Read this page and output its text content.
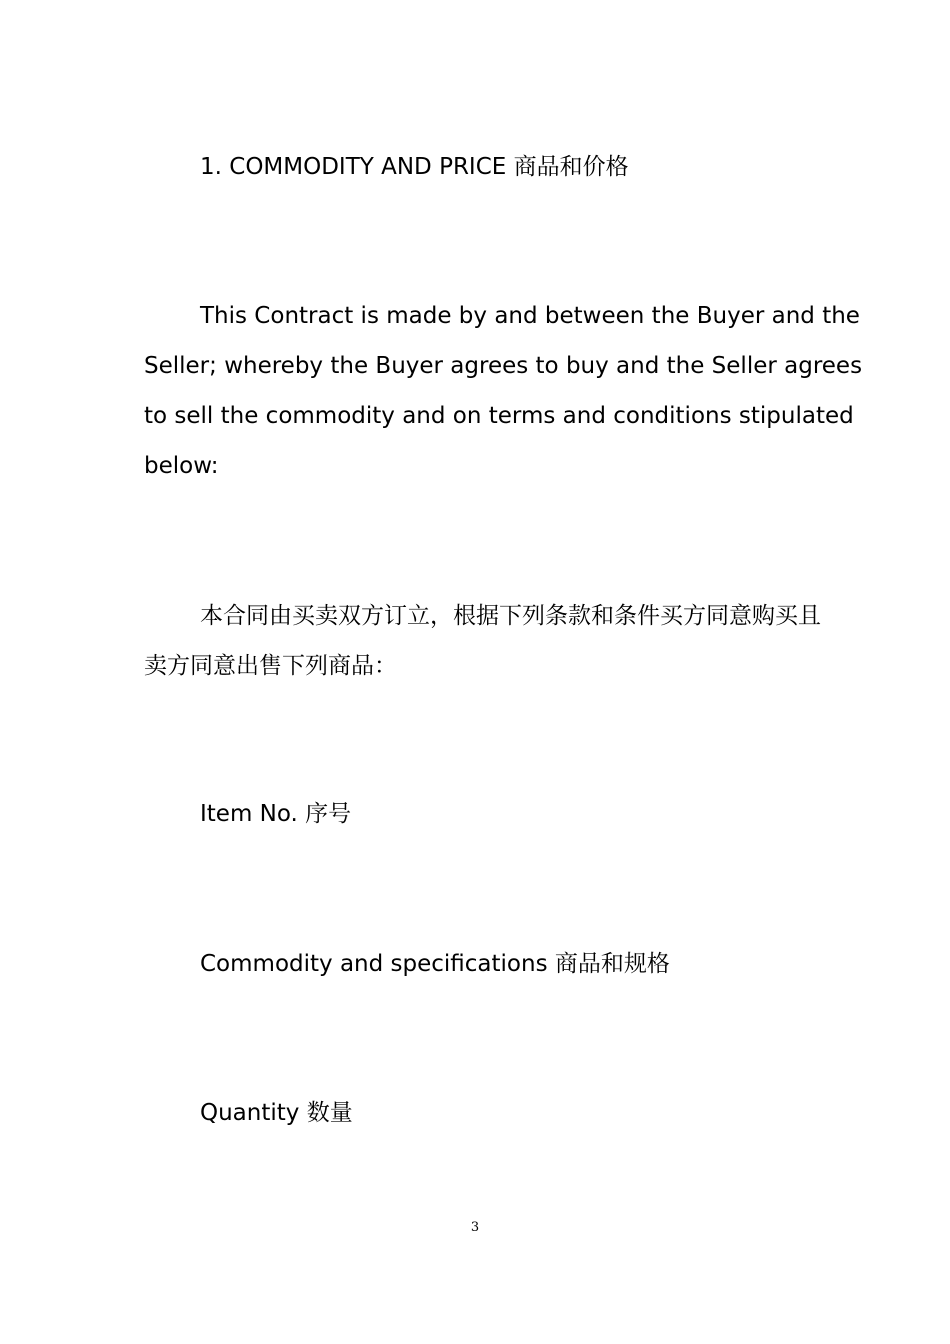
1. COMMODITY AND PRICE 商品和价格

This Contract is made by and between the Buyer and the

Seller; whereby the Buyer agrees to buy and the Seller agrees

to sell the commodity and on terms and conditions stipulated

below:

本合同由买卖双方订立，根据下列条款和条件买方同意购买且

卖方同意出售下列商品：

Item No. 序号

Commodity and specifications 商品和规格

Quantity 数量

3
